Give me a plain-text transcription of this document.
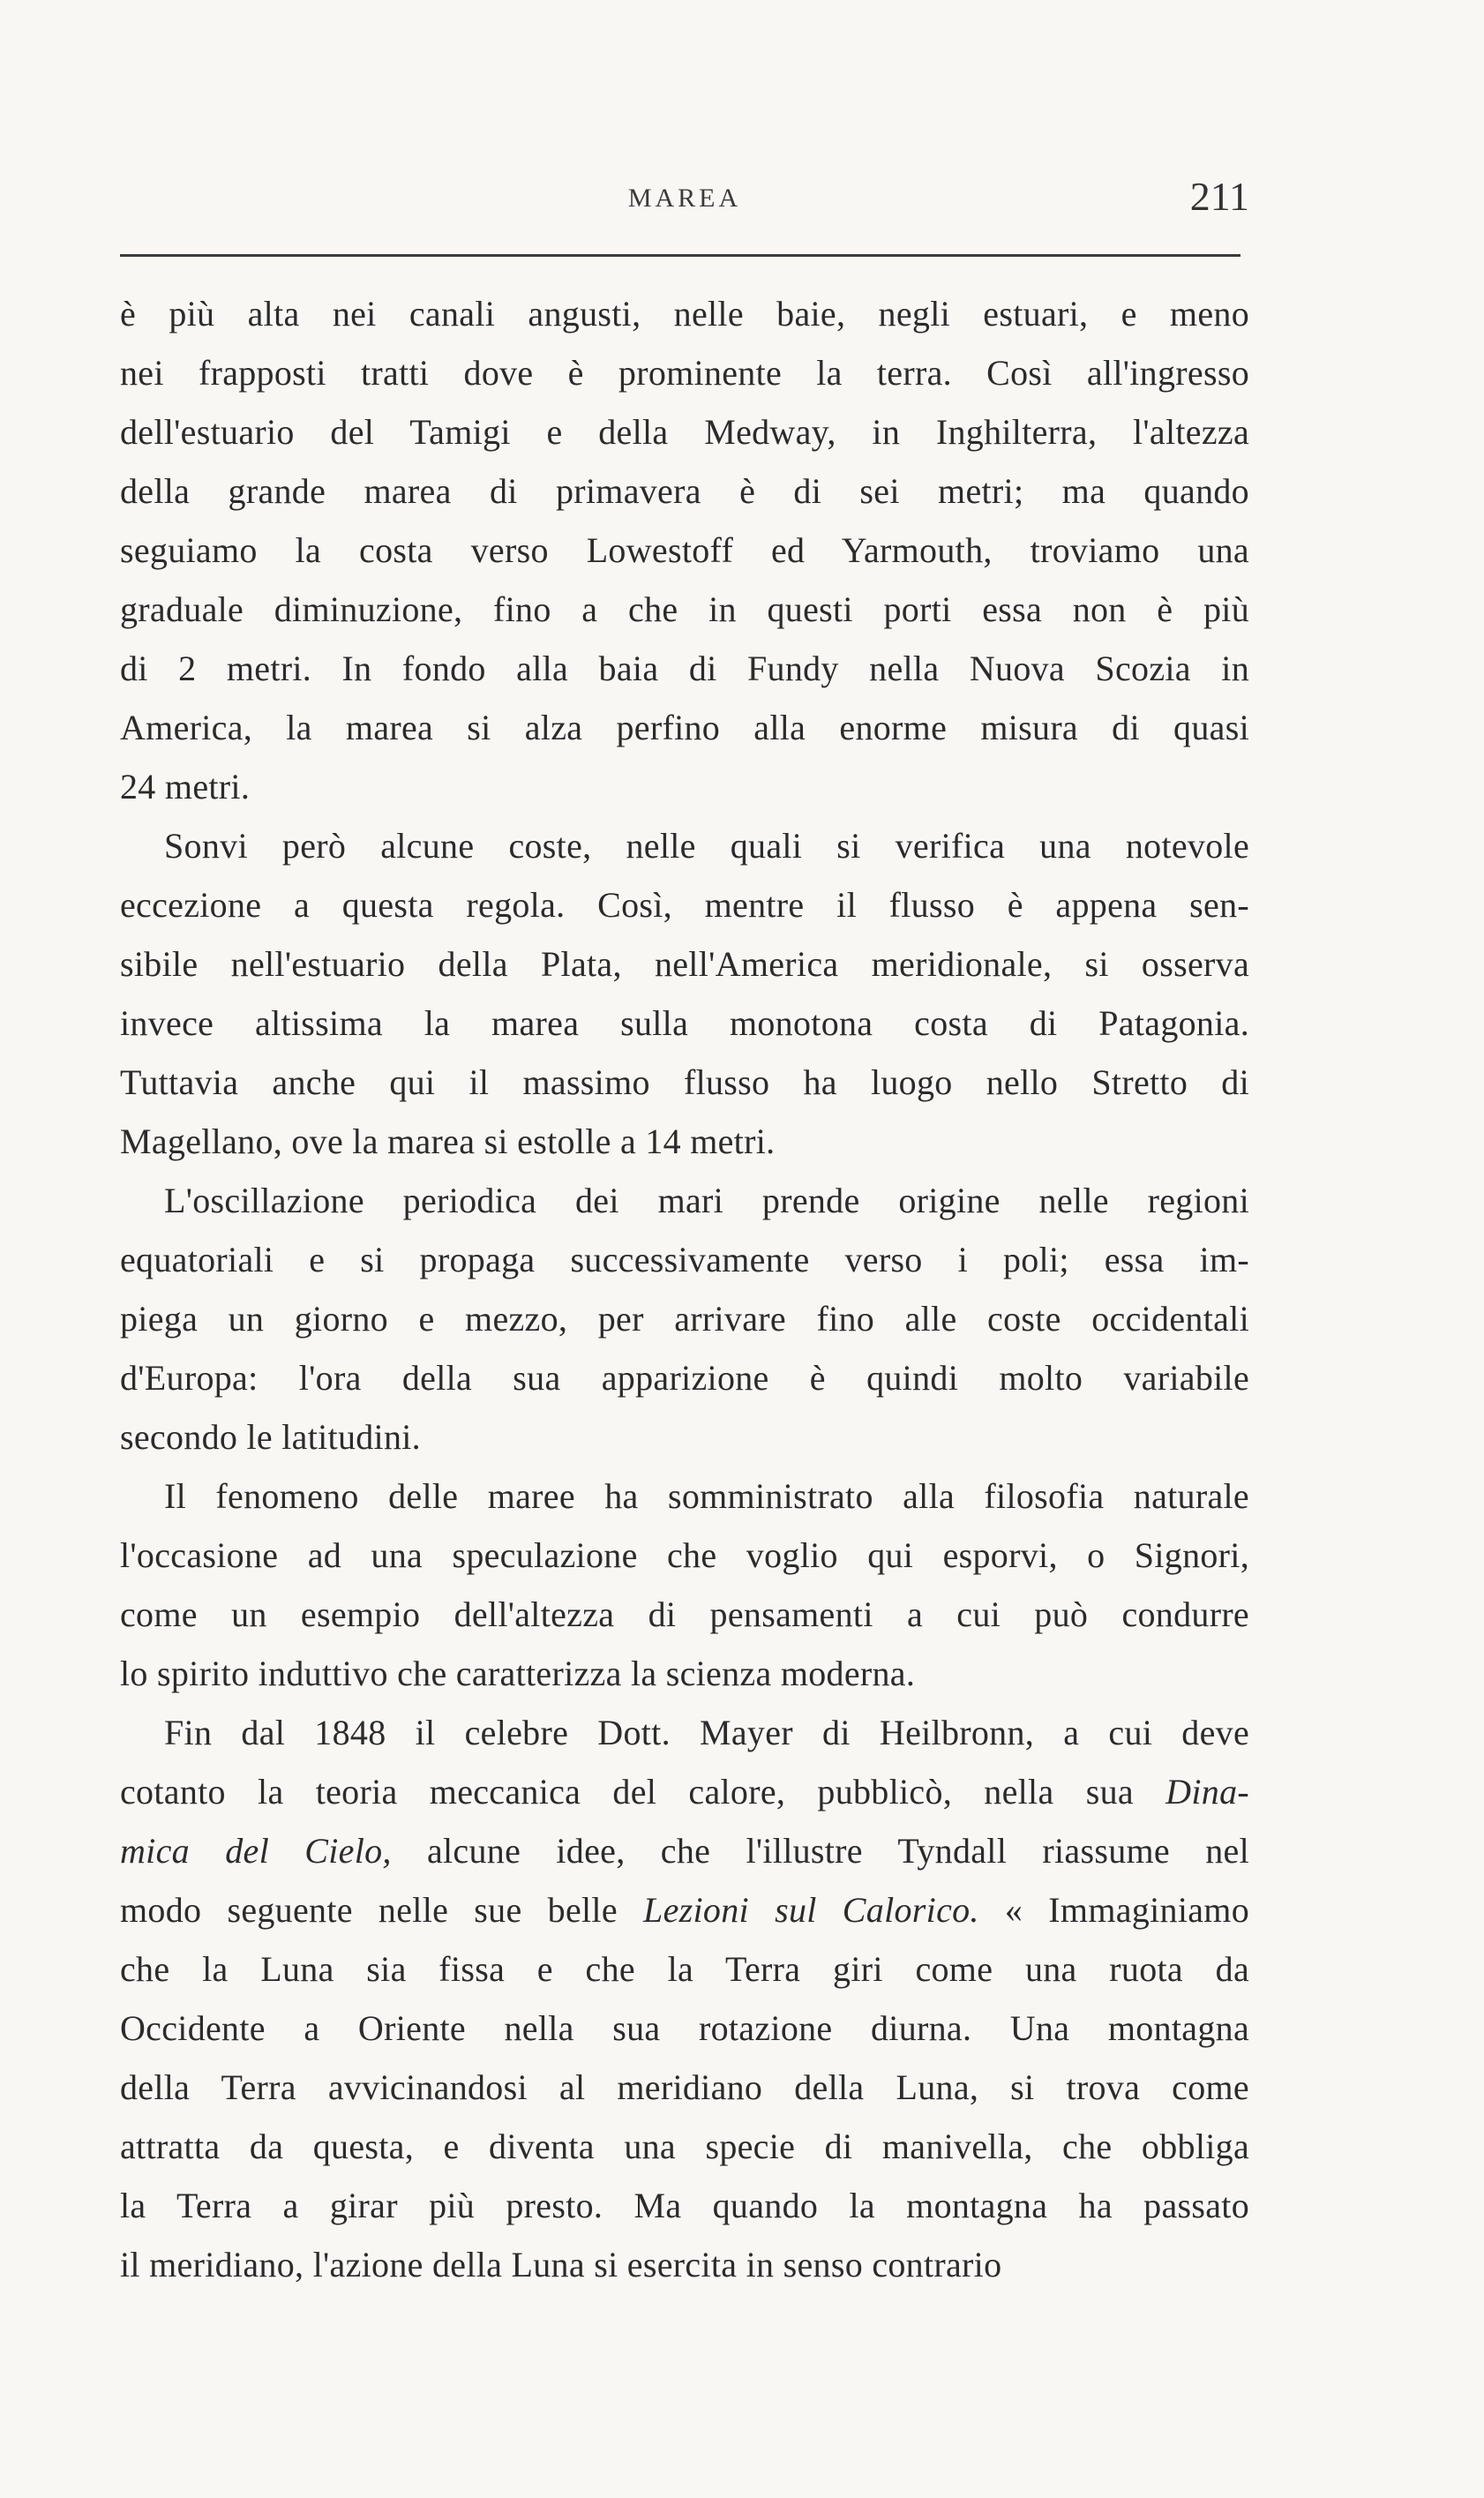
MAREA	211
è più alta nei canali angusti, nelle baie, negli estuari, e meno
nei frapposti tratti dove è prominente la terra. Così all'ingresso
dell'estuario del Tamigi e della Medway, in Inghilterra, l'altezza
della grande marea di primavera è di sei metri; ma quando
seguiamo la costa verso Lowestoff ed Yarmouth, troviamo una
graduale diminuzione, fino a che in questi porti essa non è più
di 2 metri. In fondo alla baia di Fundy nella Nuova Scozia in
America, la marea si alza perfino alla enorme misura di quasi
24 metri.
Sonvi però alcune coste, nelle quali si verifica una notevole
eccezione a questa regola. Così, mentre il flusso è appena sen-
sibile nell'estuario della Plata, nell'America meridionale, si osserva
invece altissima la marea sulla monotona costa di Patagonia.
Tuttavia anche qui il massimo flusso ha luogo nello Stretto di
Magellano, ove la marea si estolle a 14 metri.
L'oscillazione periodica dei mari prende origine nelle regioni
equatoriali e si propaga successivamente verso i poli; essa im-
piega un giorno e mezzo, per arrivare fino alle coste occidentali
d'Europa: l'ora della sua apparizione è quindi molto variabile
secondo le latitudini.
Il fenomeno delle maree ha somministrato alla filosofia naturale
l'occasione ad una speculazione che voglio qui esporvi, o Signori,
come un esempio dell'altezza di pensamenti a cui può condurre
lo spirito induttivo che caratterizza la scienza moderna.
Fin dal 1848 il celebre Dott. Mayer di Heilbronn, a cui deve
cotanto la teoria meccanica del calore, pubblicò, nella sua Dina-
mica del Cielo, alcune idee, che l'illustre Tyndall riassume nel
modo seguente nelle sue belle Lezioni sul Calorico. « Immaginiamo
che la Luna sia fissa e che la Terra giri come una ruota da
Occidente a Oriente nella sua rotazione diurna. Una montagna
della Terra avvicinandosi al meridiano della Luna, si trova come
attratta da questa, e diventa una specie di manivella, che obbliga
la Terra a girar più presto. Ma quando la montagna ha passato
il meridiano, l'azione della Luna si esercita in senso contrario
